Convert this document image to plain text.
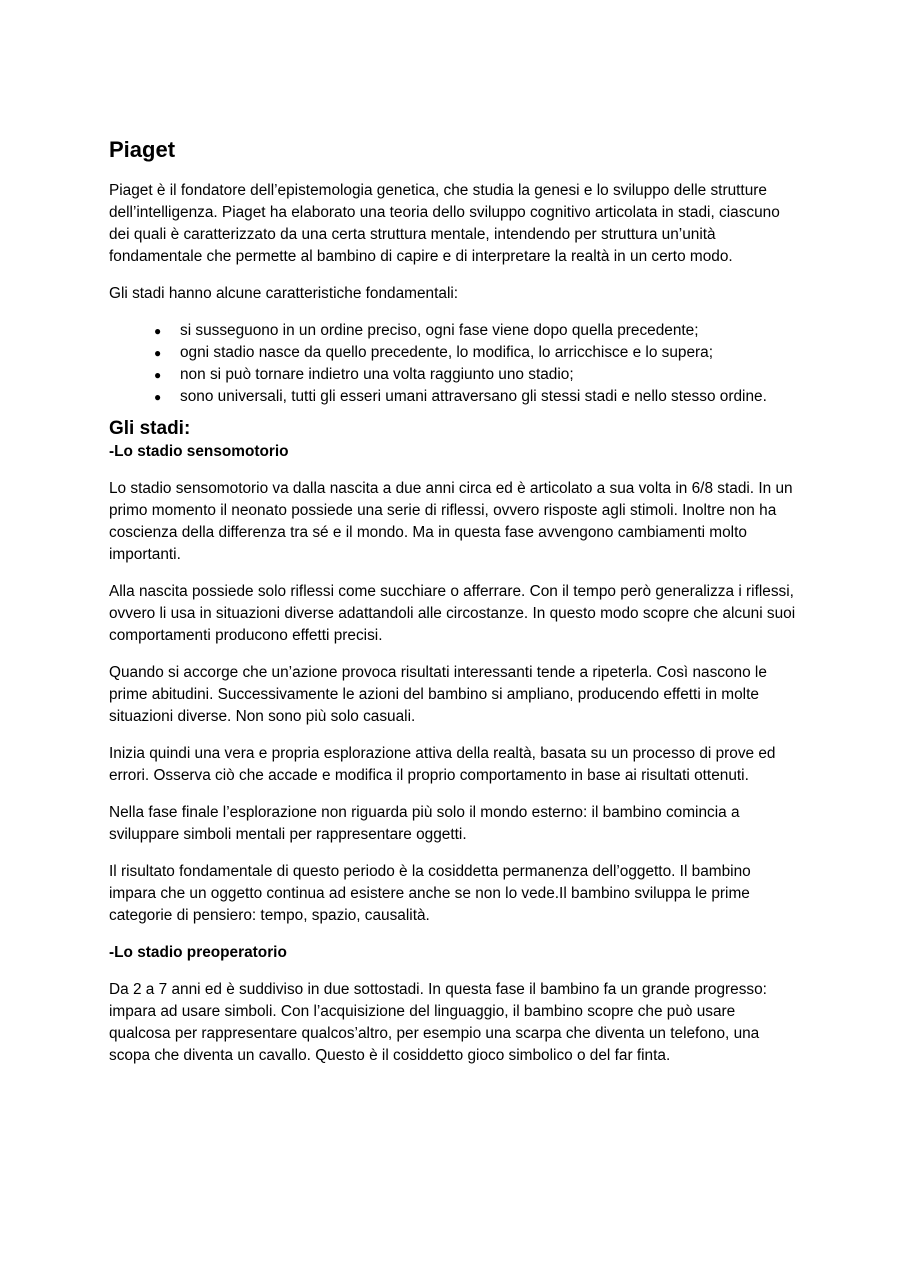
Piaget

Piaget è il fondatore dell’epistemologia genetica, che studia la genesi e lo sviluppo delle strutture dell’intelligenza. Piaget ha elaborato una teoria dello sviluppo cognitivo articolata in stadi, ciascuno dei quali è caratterizzato da una certa struttura mentale, intendendo per struttura un’unità fondamentale che permette al bambino di capire e di interpretare la realtà in un certo modo.

Gli stadi hanno alcune caratteristiche fondamentali:

● si susseguono in un ordine preciso, ogni fase viene dopo quella precedente;
● ogni stadio nasce da quello precedente, lo modifica, lo arricchisce e lo supera;
● non si può tornare indietro una volta raggiunto uno stadio;
● sono universali, tutti gli esseri umani attraversano gli stessi stadi e nello stesso ordine.
Gli stadi:
-Lo stadio sensomotorio

Lo stadio sensomotorio va dalla nascita a due anni circa ed è articolato a sua volta in 6/8 stadi. In un primo momento il neonato possiede una serie di riflessi, ovvero risposte agli stimoli. Inoltre non ha coscienza della differenza tra sé e il mondo. Ma in questa fase avvengono cambiamenti molto importanti.

Alla nascita possiede solo riflessi come succhiare o afferrare. Con il tempo però generalizza i riflessi, ovvero li usa in situazioni diverse adattandoli alle circostanze. In questo modo scopre che alcuni suoi comportamenti producono effetti precisi.

Quando si accorge che un’azione provoca risultati interessanti tende a ripeterla. Così nascono le prime abitudini. Successivamente le azioni del bambino si ampliano, producendo effetti in molte situazioni diverse. Non sono più solo casuali.

Inizia quindi una vera e propria esplorazione attiva della realtà, basata su un processo di prove ed errori. Osserva ciò che accade e modifica il proprio comportamento in base ai risultati ottenuti.

Nella fase finale l’esplorazione non riguarda più solo il mondo esterno: il bambino comincia a sviluppare simboli mentali per rappresentare oggetti.

Il risultato fondamentale di questo periodo è la cosiddetta permanenza dell’oggetto. Il bambino impara che un oggetto continua ad esistere anche se non lo vede.Il bambino sviluppa le prime categorie di pensiero: tempo, spazio, causalità.

-Lo stadio preoperatorio

Da 2 a 7 anni ed è suddiviso in due sottostadi. In questa fase il bambino fa un grande progresso: impara ad usare simboli. Con l’acquisizione del linguaggio, il bambino scopre che può usare qualcosa per rappresentare qualcos’altro, per esempio una scarpa che diventa un telefono, una scopa che diventa un cavallo. Questo è il cosiddetto gioco simbolico o del far finta.
